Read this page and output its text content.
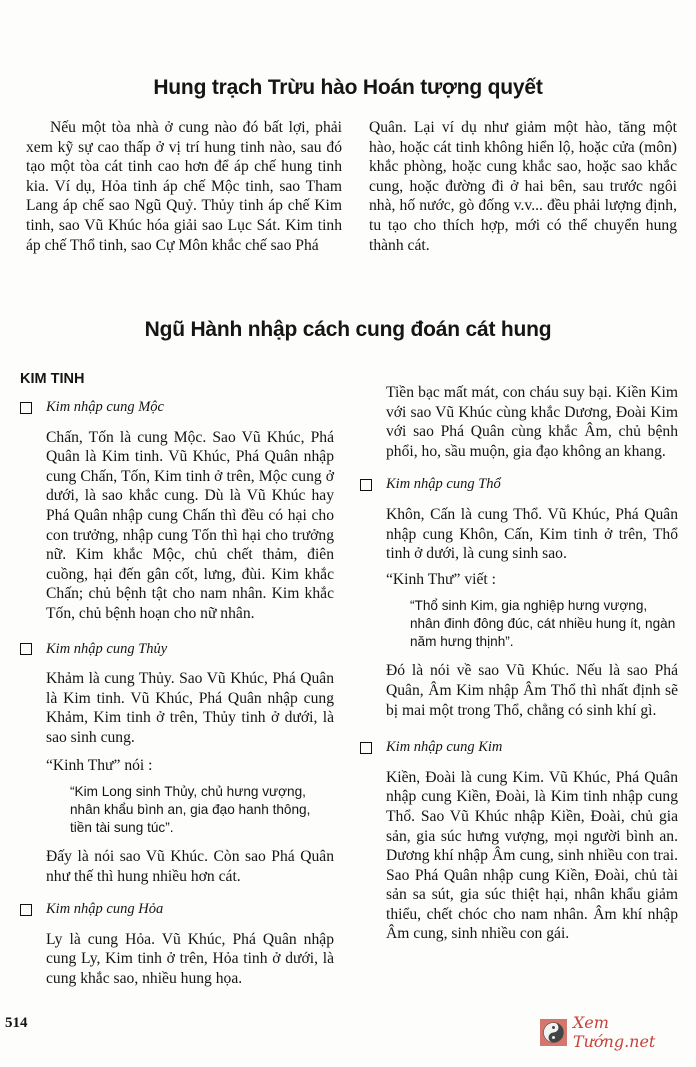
Hung trạch Trừu hào Hoán tượng quyết

Nếu một tòa nhà ở cung nào đó bất lợi, phải xem kỹ sự cao thấp ở vị trí hung tinh nào, sau đó tạo một tòa cát tinh cao hơn để áp chế hung tinh kia. Ví dụ, Hỏa tinh áp chế Mộc tinh, sao Tham Lang áp chế sao Ngũ Quỷ. Thủy tinh áp chế Kim tinh, sao Vũ Khúc hóa giải sao Lục Sát. Kim tinh áp chế Thổ tinh, sao Cự Môn khắc chế sao Phá

Quân. Lại ví dụ như giảm một hào, tăng một hào, hoặc cát tinh không hiển lộ, hoặc cửa (môn) khắc phòng, hoặc cung khắc sao, hoặc sao khắc cung, hoặc đường đi ở hai bên, sau trước ngôi nhà, hố nước, gò đống v.v... đều phải lượng định, tu tạo cho thích hợp, mới có thể chuyển hung thành cát.

Ngũ Hành nhập cách cung đoán cát hung
KIM TINH
Kim nhập cung Mộc

Chấn, Tốn là cung Mộc. Sao Vũ Khúc, Phá Quân là Kim tinh. Vũ Khúc, Phá Quân nhập cung Chấn, Tốn, Kim tinh ở trên, Mộc cung ở dưới, là sao khắc cung. Dù là Vũ Khúc hay Phá Quân nhập cung Chấn thì đều có hại cho con trưởng, nhập cung Tốn thì hại cho trưởng nữ. Kim khắc Mộc, chủ chết thảm, điên cuồng, hại đến gân cốt, lưng, đùi. Kim khắc Chấn; chủ bệnh tật cho nam nhân. Kim khắc Tốn, chủ bệnh hoạn cho nữ nhân.

Kim nhập cung Thủy

Khảm là cung Thủy. Sao Vũ Khúc, Phá Quân là Kim tinh. Vũ Khúc, Phá Quân nhập cung Khảm, Kim tinh ở trên, Thủy tinh ở dưới, là sao sinh cung.

“Kinh Thư” nói :

“Kim Long sinh Thủy, chủ hưng vượng, nhân khẩu bình an, gia đạo hanh thông, tiền tài sung túc”.

Đấy là nói sao Vũ Khúc. Còn sao Phá Quân như thế thì hung nhiều hơn cát.

Kim nhập cung Hỏa

Ly là cung Hỏa. Vũ Khúc, Phá Quân nhập cung Ly, Kim tinh ở trên, Hỏa tinh ở dưới, là cung khắc sao, nhiều hung họa.

Tiền bạc mất mát, con cháu suy bại. Kiền Kim với sao Vũ Khúc cùng khắc Dương, Đoài Kim với sao Phá Quân cùng khắc Âm, chủ bệnh phổi, ho, sầu muộn, gia đạo không an khang.

Kim nhập cung Thổ

Khôn, Cấn là cung Thổ. Vũ Khúc, Phá Quân nhập cung Khôn, Cấn, Kim tinh ở trên, Thổ tinh ở dưới, là cung sinh sao.

“Kinh Thư” viết :

“Thổ sinh Kim, gia nghiệp hưng vượng, nhân đinh đông đúc, cát nhiều hung ít, ngàn năm hưng thịnh”.

Đó là nói về sao Vũ Khúc. Nếu là sao Phá Quân, Âm Kim nhập Âm Thổ thì nhất định sẽ bị mai một trong Thổ, chẳng có sinh khí gì.

Kim nhập cung Kim

Kiền, Đoài là cung Kim. Vũ Khúc, Phá Quân nhập cung Kiền, Đoài, là Kim tinh nhập cung Thổ. Sao Vũ Khúc nhập Kiền, Đoài, chủ gia sản, gia súc hưng vượng, mọi người bình an. Dương khí nhập Âm cung, sinh nhiều con trai. Sao Phá Quân nhập cung Kiền, Đoài, chủ tài sản sa sút, gia súc thiệt hại, nhân khẩu giảm thiểu, chết chóc cho nam nhân. Âm khí nhập Âm cung, sinh nhiều con gái.

514	Xem Tướng.net
